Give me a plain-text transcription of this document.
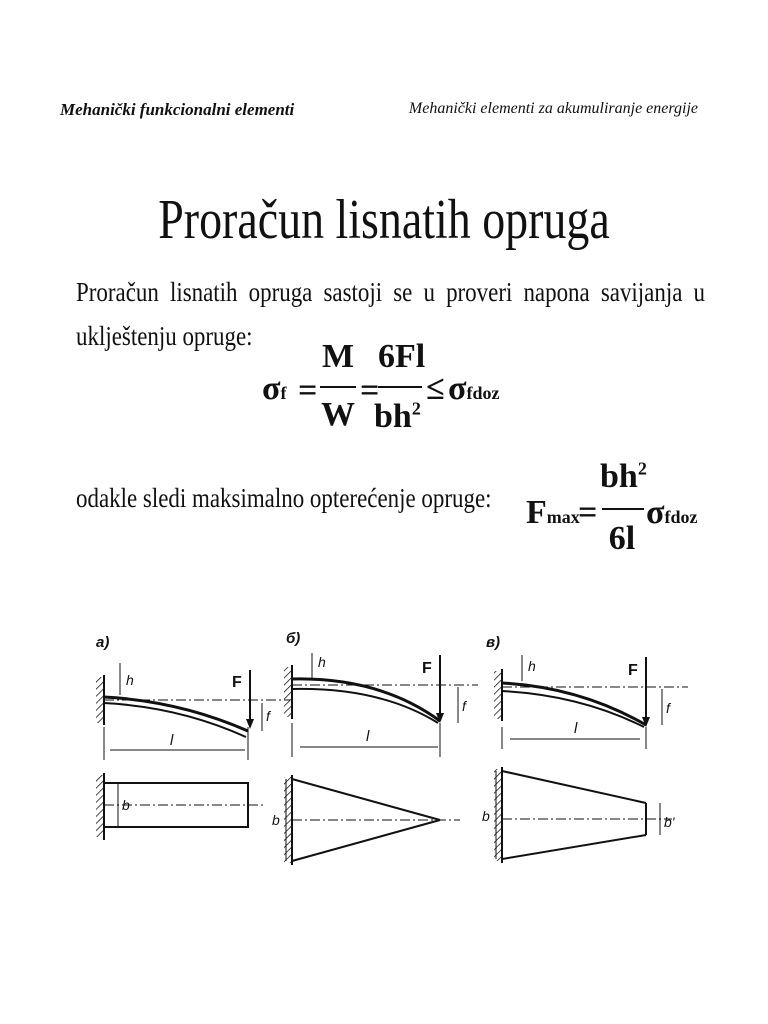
Mehanički funkcionalni elementi	Mehanički elementi za akumuliranje energije
Proračun lisnatih opruga
Proračun lisnatih opruga sastoji se u proveri napona savijanja u
uklještenju opruge:
σf =
M
W
=
6Fl
$bh^2$
≤ σfdoz
odakle sledi maksimalno opterećenje opruge:	Fmax
=
$bh^2$
6l
σfdoz
a)
h	F
f
l
b
б)
h	F
f
l
b
в)
h	F
f
l
b	b'
